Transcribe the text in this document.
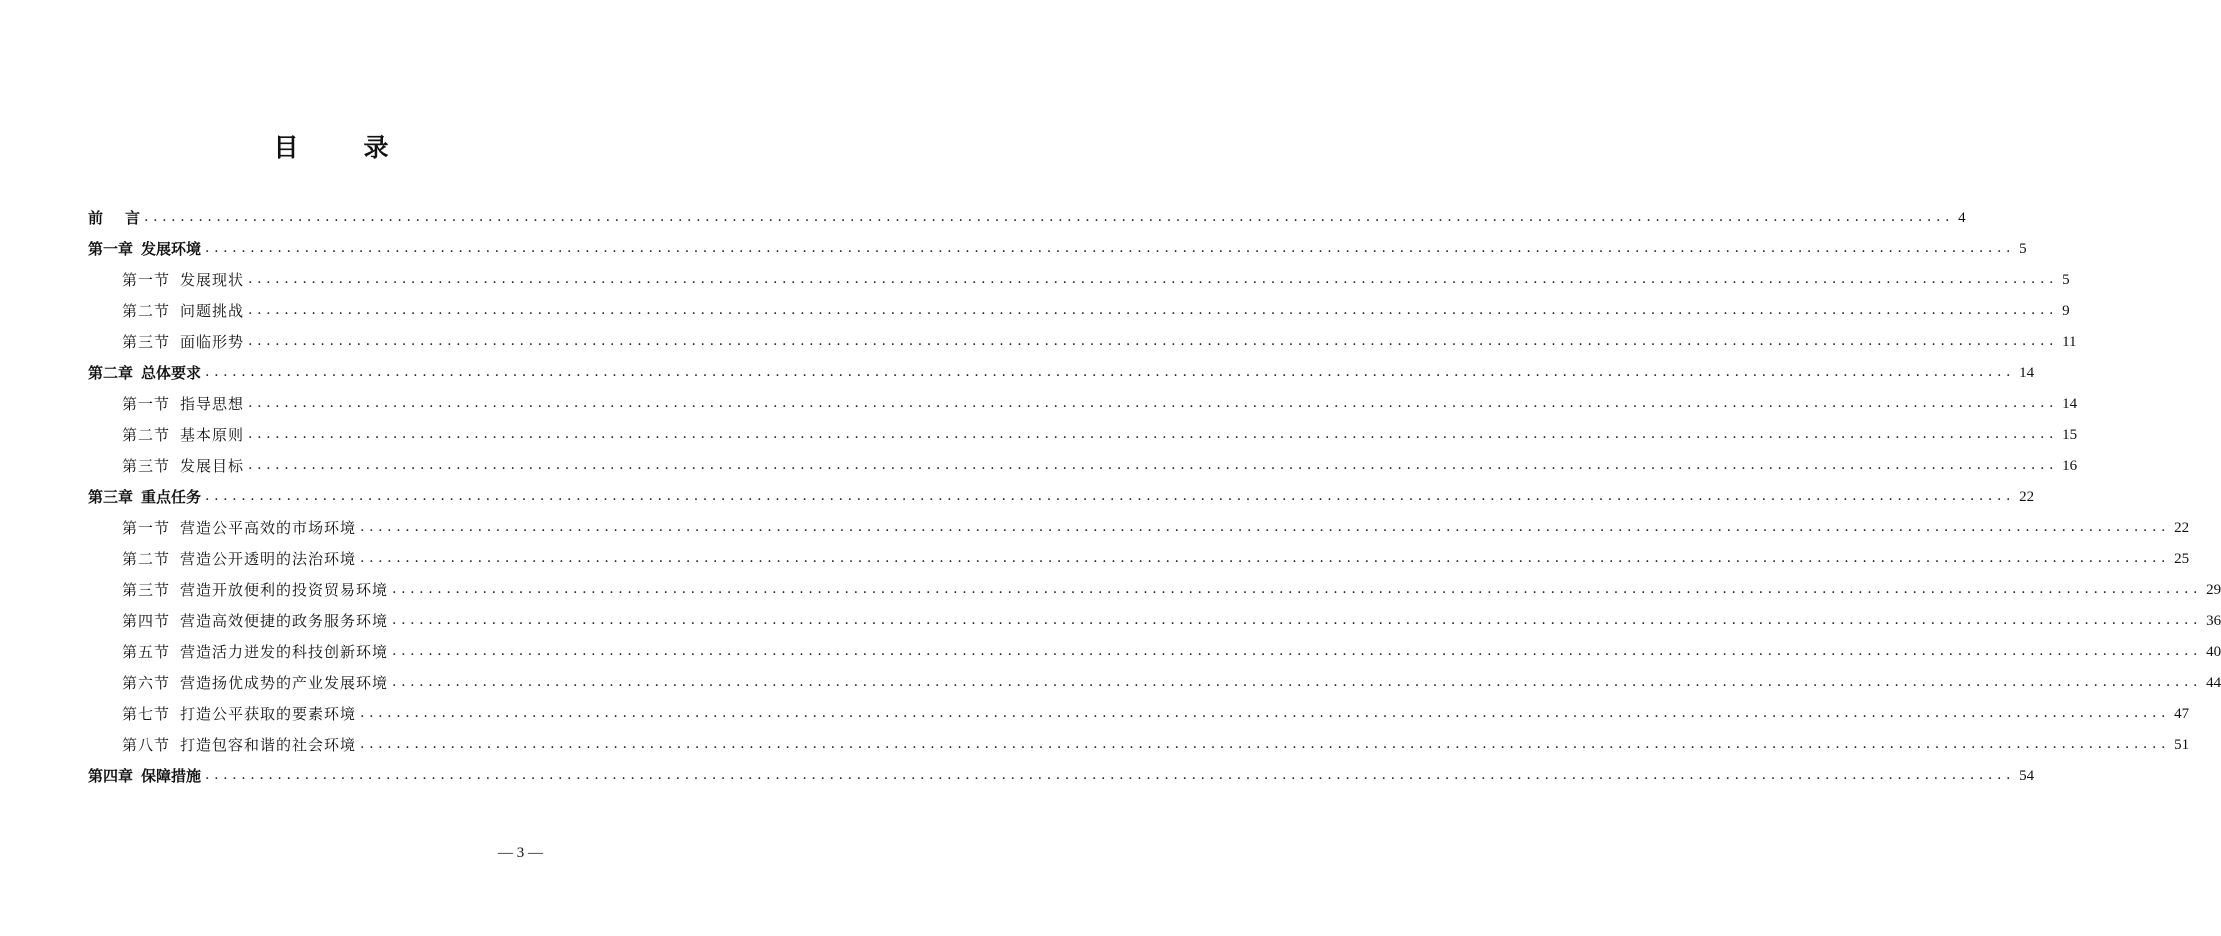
目　录
前 言 ........................................................................................................................................................................................................ 4
第一章 发展环境 ........................................................................................................................................................................................................ 5
第一节 发展现状 ........................................................................................................................................................................................................ 5
第二节 问题挑战 ........................................................................................................................................................................................................ 9
第三节 面临形势 ........................................................................................................................................................................................................ 11
第二章 总体要求 ........................................................................................................................................................................................................ 14
第一节 指导思想 ........................................................................................................................................................................................................ 14
第二节 基本原则 ........................................................................................................................................................................................................ 15
第三节 发展目标 ........................................................................................................................................................................................................ 16
第三章 重点任务 ........................................................................................................................................................................................................ 22
第一节 营造公平高效的市场环境 ........................................................................................................................................................................................................ 22
第二节 营造公开透明的法治环境 ........................................................................................................................................................................................................ 25
第三节 营造开放便利的投资贸易环境 ........................................................................................................................................................................................................ 29
第四节 营造高效便捷的政务服务环境 ........................................................................................................................................................................................................ 36
第五节 营造活力迸发的科技创新环境 ........................................................................................................................................................................................................ 40
第六节 营造扬优成势的产业发展环境 ........................................................................................................................................................................................................ 44
第七节 打造公平获取的要素环境 ........................................................................................................................................................................................................ 47
第八节 打造包容和谐的社会环境 ........................................................................................................................................................................................................ 51
第四章 保障措施 ........................................................................................................................................................................................................ 54
— 3 —
